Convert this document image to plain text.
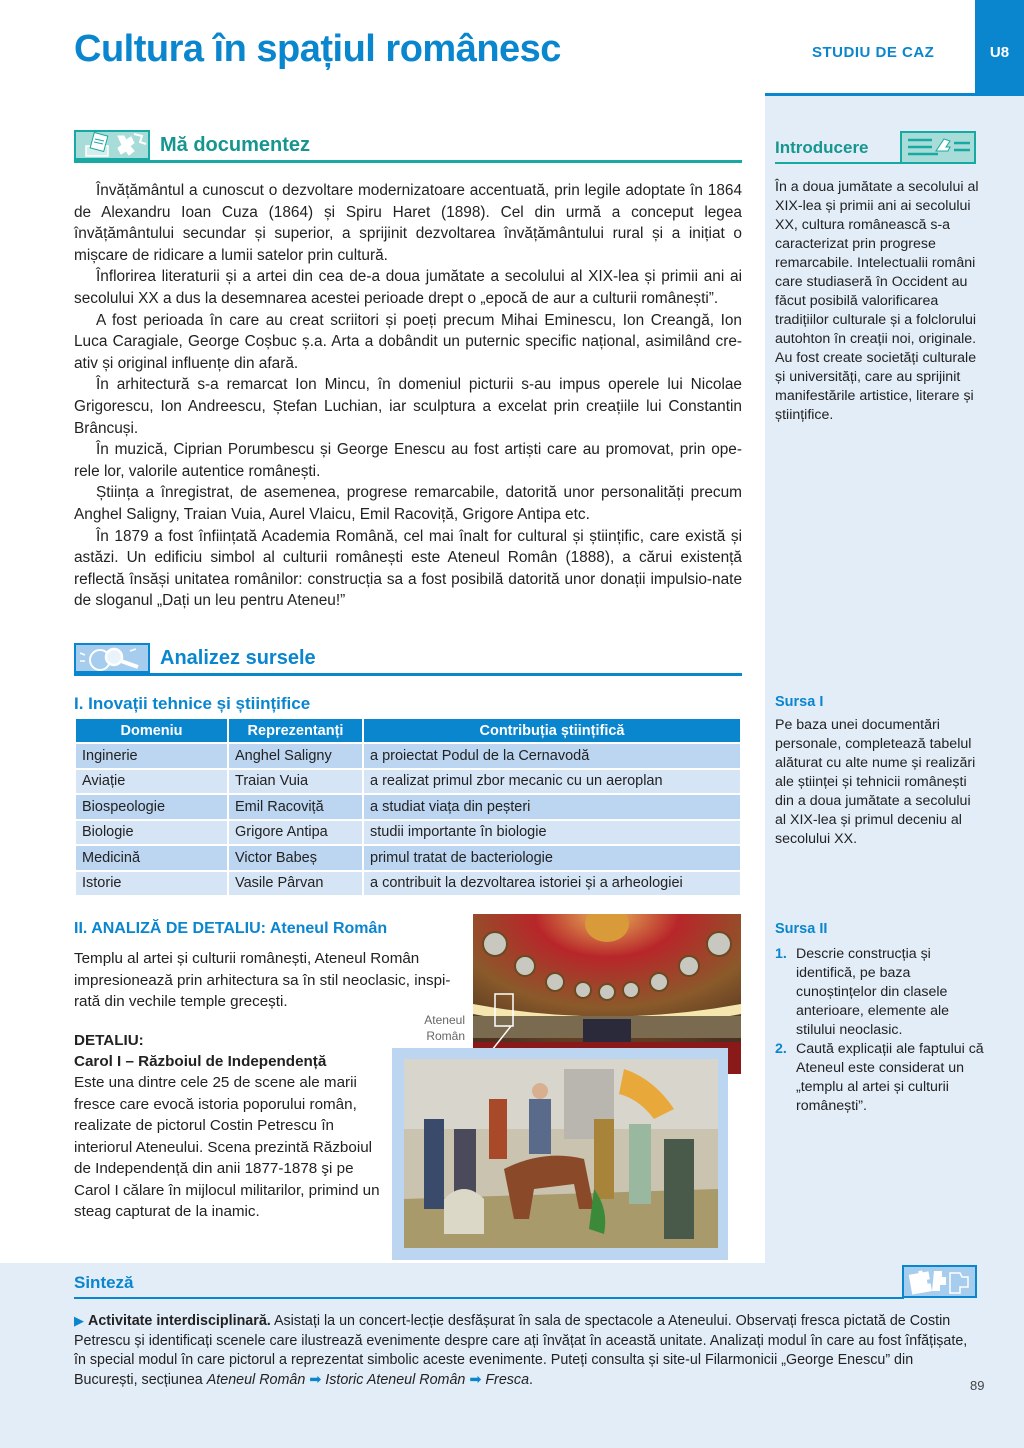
U8
Cultura în spațiul românesc	STUDIU DE CAZ
Mă documentez

Învățământul a cunoscut o dezvoltare modernizatoare accentuată, prin legile adoptate în 1864 de Alexandru Ioan Cuza (1864) și Spiru Haret (1898). Cel din urmă a conceput legea învățământului secundar și superior, a sprijinit dezvoltarea învățământului rural și a inițiat o mișcare de ridicare a lumii satelor prin cultură.

Înflorirea literaturii și a artei din cea de-a doua jumătate a secolului al XIX-lea și primii ani ai secolului XX a dus la desemnarea acestei perioade drept o „epocă de aur a culturii românești”.

A fost perioada în care au creat scriitori și poeți precum Mihai Eminescu, Ion Creangă, Ion Luca Caragiale, George Coșbuc ș.a. Arta a dobândit un puternic specific național, asimilând cre-ativ și original influențe din afară.

În arhitectură s-a remarcat Ion Mincu, în domeniul picturii s-au impus operele lui Nicolae Grigorescu, Ion Andreescu, Ștefan Luchian, iar sculptura a excelat prin creațiile lui Constantin Brâncuși.

În muzică, Ciprian Porumbescu și George Enescu au fost artiști care au promovat, prin ope-rele lor, valorile autentice românești.

Știința a înregistrat, de asemenea, progrese remarcabile, datorită unor personalități precum Anghel Saligny, Traian Vuia, Aurel Vlaicu, Emil Racoviță, Grigore Antipa etc.

În 1879 a fost înființată Academia Română, cel mai înalt for cultural și științific, care există și astăzi. Un edificiu simbol al culturii românești este Ateneul Român (1888), a cărui existență reflectă însăși unitatea românilor: construcția sa a fost posibilă datorită unor donații impulsio-nate de sloganul „Dați un leu pentru Ateneu!”

Introducere
În a doua jumătate a secolului al XIX-lea și primii ani ai secolului XX, cultura românească s-a caracterizat prin progrese remarcabile. Intelectualii români care studiaseră în Occident au făcut posibilă valorificarea tradițiilor culturale și a folclorului autohton în creații noi, originale. Au fost create societăți culturale și universități, care au sprijinit manifestările artistice, literare și științifice.
Analizez sursele
I. Inovații tehnice și științifice
Domeniu	Reprezentanți	Contribuția științifică
Inginerie	Anghel Saligny	a proiectat Podul de la Cernavodă
Aviație	Traian Vuia	a realizat primul zbor mecanic cu un aeroplan
Biospeologie	Emil Racoviță	a studiat viața din peșteri
Biologie	Grigore Antipa	studii importante în biologie
Medicină	Victor Babeș	primul tratat de bacteriologie
Istorie	Vasile Pârvan	a contribuit la dezvoltarea istoriei și a arheologiei
Sursa I
Pe baza unei documentări personale, completează tabelul alăturat cu alte nume și realizări ale științei și tehnicii românești din a doua jumătate a secolului al XIX-lea și primul deceniu al secolului XX.
II. ANALIZĂ DE DETALIU: Ateneul Român
Templu al artei și culturii românești, Ateneul Român impresionează prin arhitectura sa în stil neoclasic, inspi-rată din vechile temple grecești.
DETALIU:
Carol I – Războiul de Independență
Este una dintre cele 25 de scene ale marii fresce care evocă istoria poporului român, realizate de pictorul Costin Petrescu în interiorul Ateneului. Scena prezintă Războiul de Independență din anii 1877-1878 şi pe Carol I călare în mijlocul militarilor, primind un steag capturat de la inamic.
Ateneul
Român
Sursa II
1. Descrie construcția și identifică, pe baza cunoștințelor din clasele anterioare, elemente ale stilului neoclasic.
2. Caută explicații ale faptului că Ateneul este considerat un „templu al artei și culturii românești”.
Sinteză
▶ Activitate interdisciplinară. Asistați la un concert-lecție desfășurat în sala de spectacole a Ateneului. Observați fresca pictată de Costin Petrescu și identificați scenele care ilustrează evenimente despre care ați învățat în această unitate. Analizați modul în care au fost înfățișate, în special modul în care pictorul a reprezentat simbolic aceste evenimente. Puteți consulta și site-ul Filarmonicii „George Enescu” din București, secțiunea Ateneul Român ➡ Istoric Ateneul Român ➡ Fresca.	89
